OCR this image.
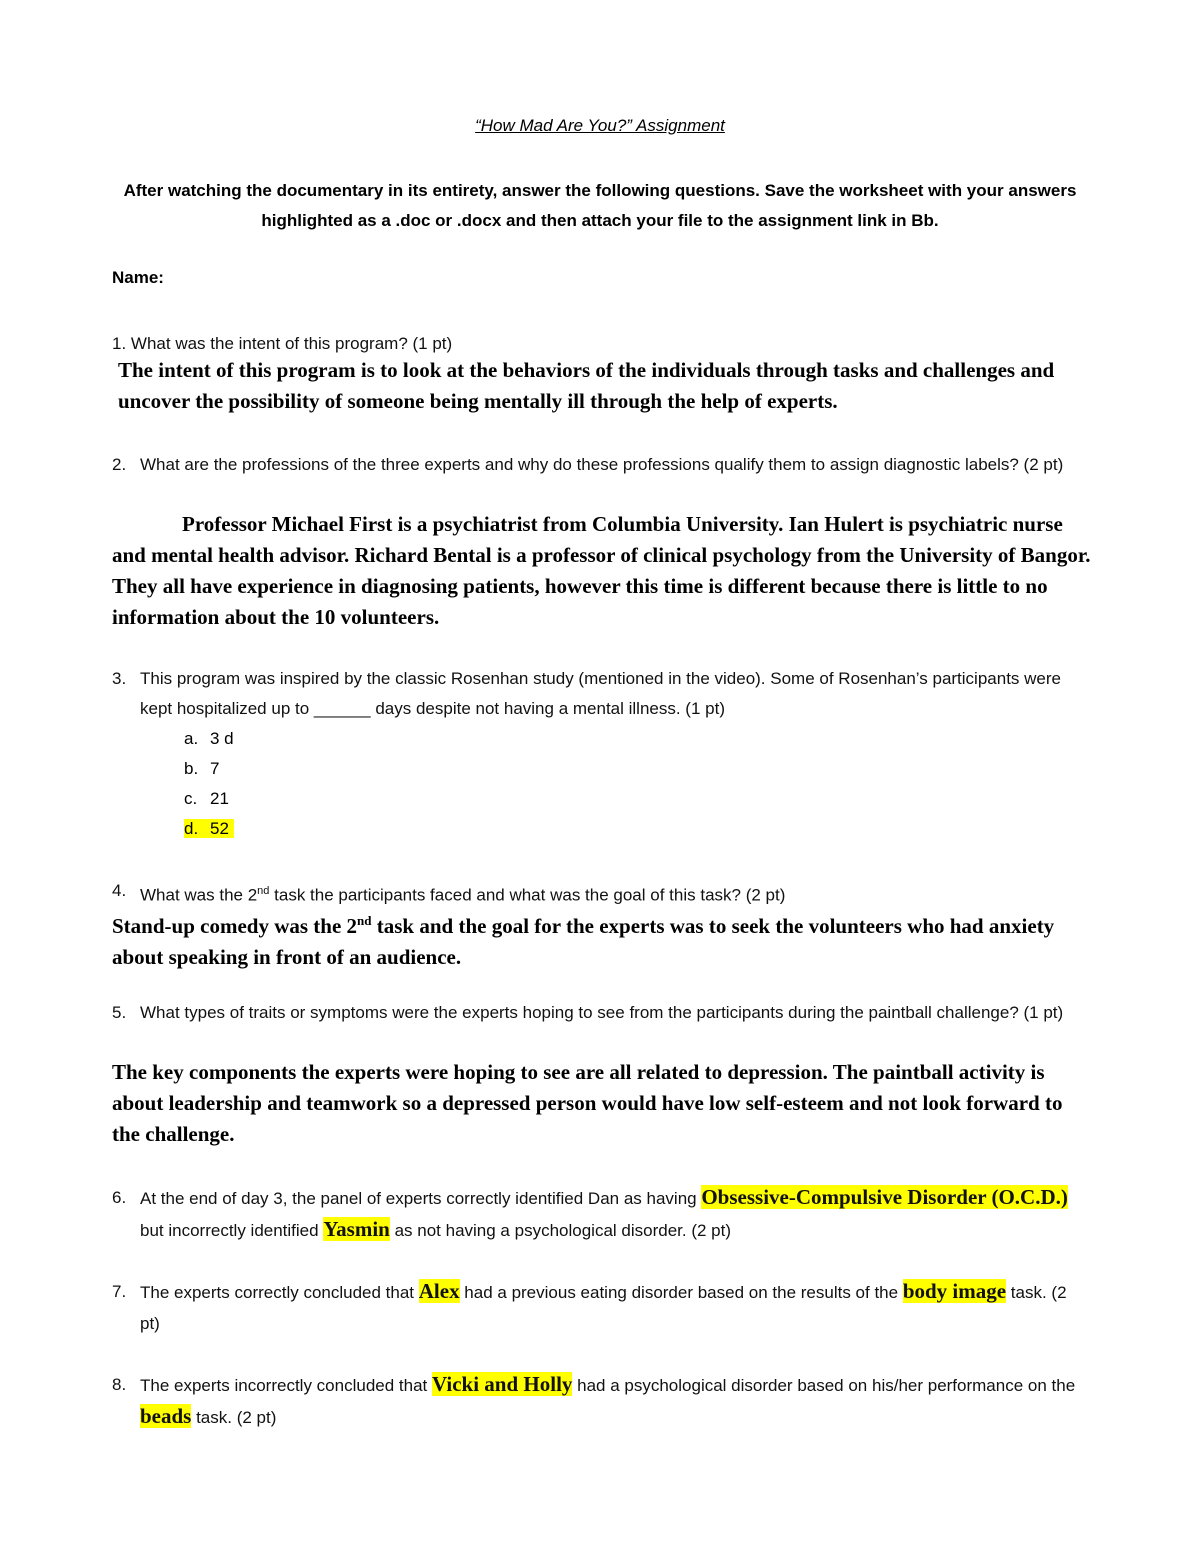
“How Mad Are You?” Assignment
After watching the documentary in its entirety, answer the following questions. Save the worksheet with your answers highlighted as a .doc or .docx and then attach your file to the assignment link in Bb.
Name:
1. What was the intent of this program? (1 pt)
The intent of this program is to look at the behaviors of the individuals through tasks and challenges and uncover the possibility of someone being mentally ill through the help of experts.
2. What are the professions of the three experts and why do these professions qualify them to assign diagnostic labels? (2 pt)
Professor Michael First is a psychiatrist from Columbia University. Ian Hulert is psychiatric nurse and mental health advisor. Richard Bental is a professor of clinical psychology from the University of Bangor. They all have experience in diagnosing patients, however this time is different because there is little to no information about the 10 volunteers.
3. This program was inspired by the classic Rosenhan study (mentioned in the video). Some of Rosenhan’s participants were kept hospitalized up to ______ days despite not having a mental illness. (1 pt)
a. 3 d
b. 7
c. 21
d. 52
4. What was the 2nd task the participants faced and what was the goal of this task? (2 pt)
Stand-up comedy was the 2nd task and the goal for the experts was to seek the volunteers who had anxiety about speaking in front of an audience.
5. What types of traits or symptoms were the experts hoping to see from the participants during the paintball challenge? (1 pt)
The key components the experts were hoping to see are all related to depression. The paintball activity is about leadership and teamwork so a depressed person would have low self-esteem and not look forward to the challenge.
6. At the end of day 3, the panel of experts correctly identified Dan as having Obsessive-Compulsive Disorder (O.C.D.) but incorrectly identified Yasmin as not having a psychological disorder. (2 pt)
7. The experts correctly concluded that Alex had a previous eating disorder based on the results of the body image task. (2 pt)
8. The experts incorrectly concluded that Vicki and Holly had a psychological disorder based on his/her performance on the beads task. (2 pt)
